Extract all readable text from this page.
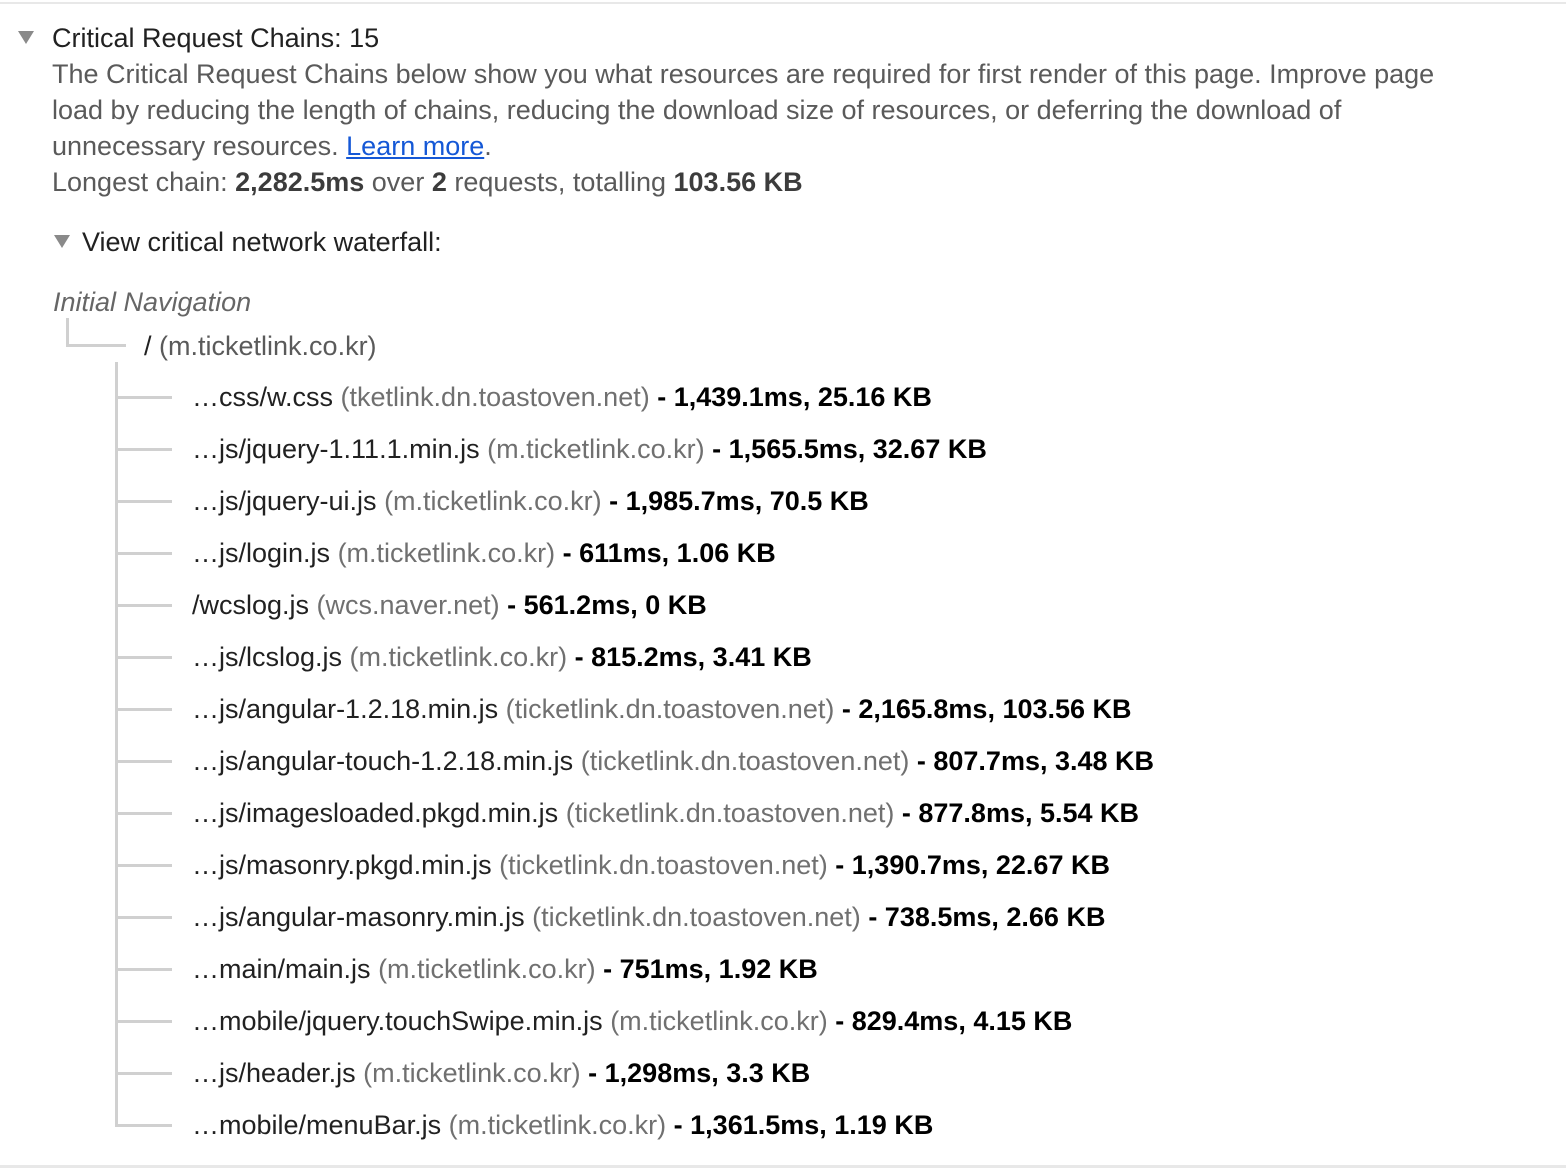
Critical Request Chains: 15
The Critical Request Chains below show you what resources are required for first render of this page. Improve page load by reducing the length of chains, reducing the download size of resources, or deferring the download of unnecessary resources. Learn more.
Longest chain: 2,282.5ms over 2 requests, totalling 103.56 KB
View critical network waterfall:
Initial Navigation
/ (m.ticketlink.co.kr)
…css/w.css (tketlink.dn.toastoven.net) - 1,439.1ms, 25.16 KB
…js/jquery-1.11.1.min.js (m.ticketlink.co.kr) - 1,565.5ms, 32.67 KB
…js/jquery-ui.js (m.ticketlink.co.kr) - 1,985.7ms, 70.5 KB
…js/login.js (m.ticketlink.co.kr) - 611ms, 1.06 KB
/wcslog.js (wcs.naver.net) - 561.2ms, 0 KB
…js/lcslog.js (m.ticketlink.co.kr) - 815.2ms, 3.41 KB
…js/angular-1.2.18.min.js (ticketlink.dn.toastoven.net) - 2,165.8ms, 103.56 KB
…js/angular-touch-1.2.18.min.js (ticketlink.dn.toastoven.net) - 807.7ms, 3.48 KB
…js/imagesloaded.pkgd.min.js (ticketlink.dn.toastoven.net) - 877.8ms, 5.54 KB
…js/masonry.pkgd.min.js (ticketlink.dn.toastoven.net) - 1,390.7ms, 22.67 KB
…js/angular-masonry.min.js (ticketlink.dn.toastoven.net) - 738.5ms, 2.66 KB
…main/main.js (m.ticketlink.co.kr) - 751ms, 1.92 KB
…mobile/jquery.touchSwipe.min.js (m.ticketlink.co.kr) - 829.4ms, 4.15 KB
…js/header.js (m.ticketlink.co.kr) - 1,298ms, 3.3 KB
…mobile/menuBar.js (m.ticketlink.co.kr) - 1,361.5ms, 1.19 KB
